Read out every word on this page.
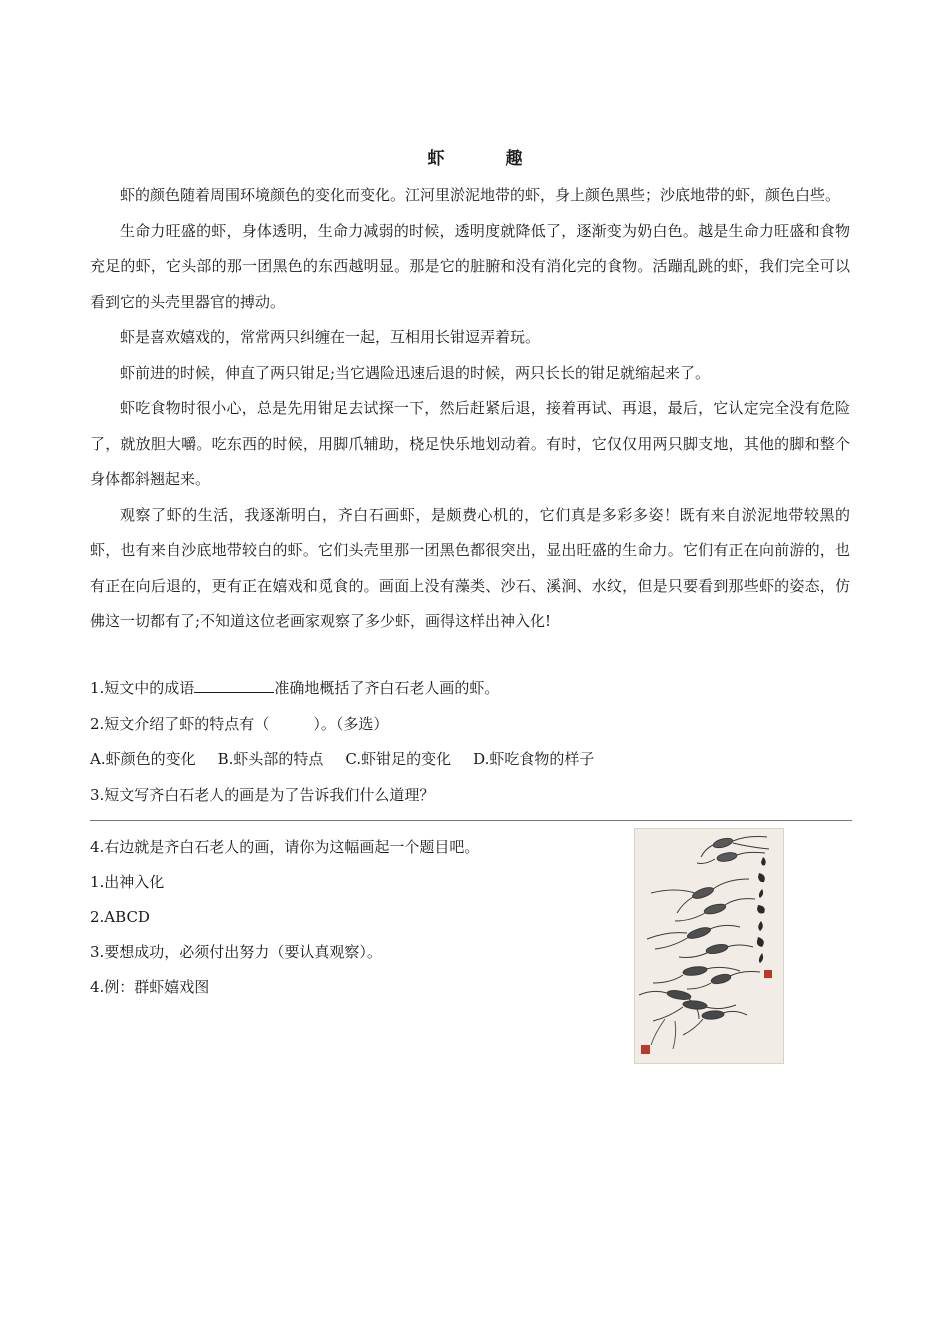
虾　趣

虾的颜色随着周围环境颜色的变化而变化。江河里淤泥地带的虾，身上颜色黑些；沙底地带的虾，颜色白些。

生命力旺盛的虾，身体透明，生命力减弱的时候，透明度就降低了，逐渐变为奶白色。越是生命力旺盛和食物充足的虾，它头部的那一团黑色的东西越明显。那是它的脏腑和没有消化完的食物。活蹦乱跳的虾，我们完全可以看到它的头壳里器官的搏动。

虾是喜欢嬉戏的，常常两只纠缠在一起，互相用长钳逗弄着玩。

虾前进的时候，伸直了两只钳足;当它遇险迅速后退的时候，两只长长的钳足就缩起来了。

虾吃食物时很小心，总是先用钳足去试探一下，然后赶紧后退，接着再试、再退，最后，它认定完全没有危险了，就放胆大嚼。吃东西的时候，用脚爪辅助，桡足快乐地划动着。有时，它仅仅用两只脚支地，其他的脚和整个身体都斜翘起来。

观察了虾的生活，我逐渐明白，齐白石画虾，是颇费心机的，它们真是多彩多姿！既有来自淤泥地带较黑的虾，也有来自沙底地带较白的虾。它们头壳里那一团黑色都很突出，显出旺盛的生命力。它们有正在向前游的，也有正在向后退的，更有正在嬉戏和觅食的。画面上没有藻类、沙石、溪涧、水纹，但是只要看到那些虾的姿态，仿佛这一切都有了;不知道这位老画家观察了多少虾，画得这样出神入化!

1.短文中的成语	准确地概括了齐白石老人画的虾。
2.短文介绍了虾的特点有（	）。（多选）
A.虾颜色的变化 B.虾头部的特点 C.虾钳足的变化 D.虾吃食物的样子
3.短文写齐白石老人的画是为了告诉我们什么道理？
4.右边就是齐白石老人的画，请你为这幅画起一个题目吧。
1.出神入化
2.ABCD
3.要想成功，必须付出努力（要认真观察）。
4.例：群虾嬉戏图
